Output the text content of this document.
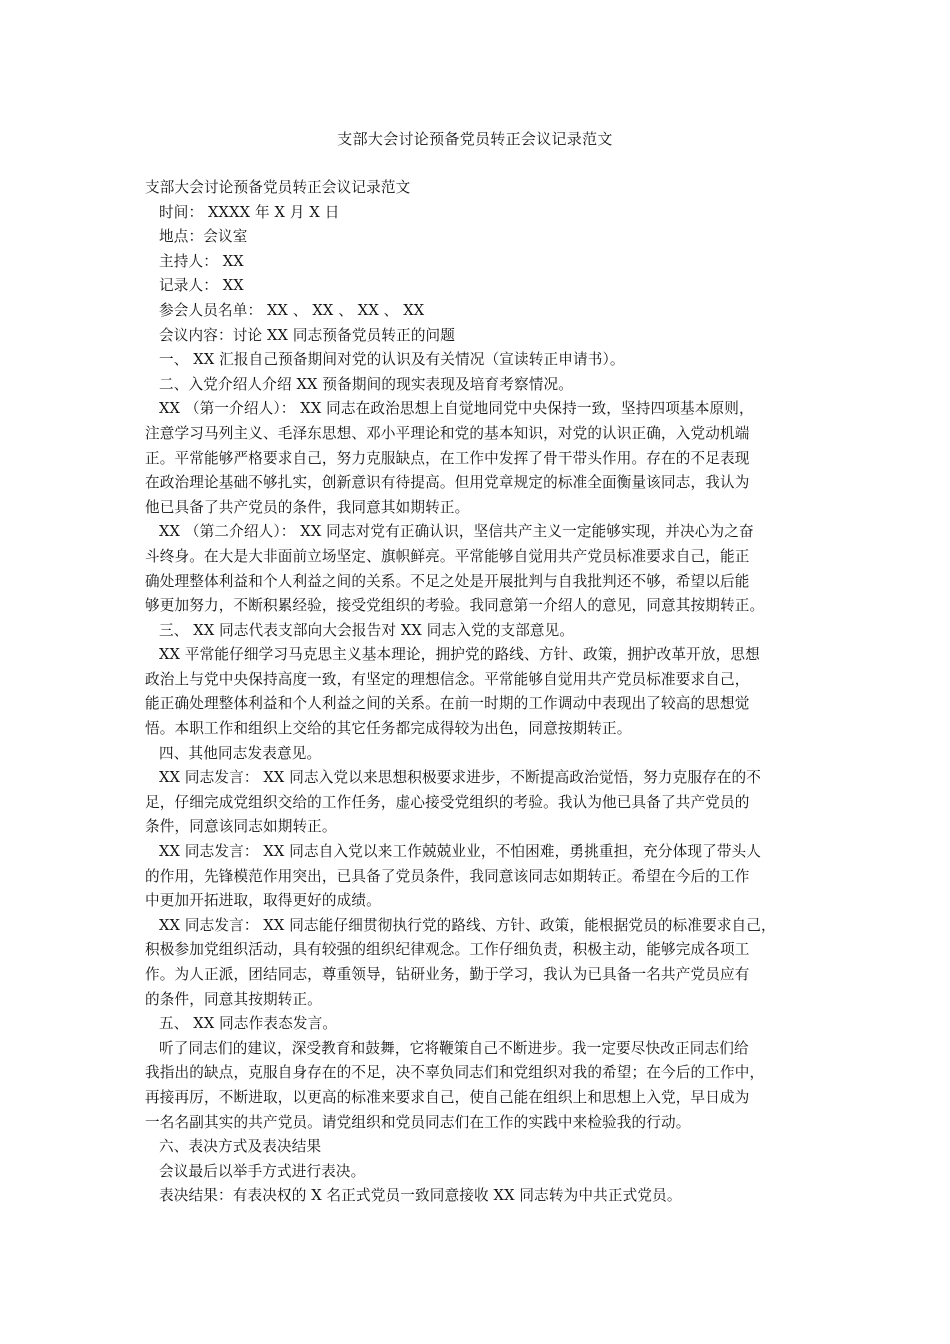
支部大会讨论预备党员转正会议记录范文

支部大会讨论预备党员转正会议记录范文

时间： XXXX 年 X 月 X 日

地点：会议室

主持人： XX

记录人： XX

参会人员名单： XX 、 XX 、 XX 、 XX

会议内容：讨论 XX 同志预备党员转正的问题

一、 XX 汇报自己预备期间对党的认识及有关情况（宣读转正申请书）。

二、入党介绍人介绍 XX 预备期间的现实表现及培育考察情况。

XX （第一介绍人）： XX 同志在政治思想上自觉地同党中央保持一致，坚持四项基本原则，

注意学习马列主义、毛泽东思想、邓小平理论和党的基本知识，对党的认识正确，入党动机端

正。平常能够严格要求自己，努力克服缺点，在工作中发挥了骨干带头作用。存在的不足表现

在政治理论基础不够扎实，创新意识有待提高。但用党章规定的标准全面衡量该同志，我认为

他已具备了共产党员的条件，我同意其如期转正。

XX （第二介绍人）： XX 同志对党有正确认识，坚信共产主义一定能够实现，并决心为之奋

斗终身。在大是大非面前立场坚定、旗帜鲜亮。平常能够自觉用共产党员标准要求自己，能正

确处理整体利益和个人利益之间的关系。不足之处是开展批判与自我批判还不够，希望以后能

够更加努力，不断积累经验，接受党组织的考验。我同意第一介绍人的意见，同意其按期转正。

三、 XX 同志代表支部向大会报告对 XX 同志入党的支部意见。

XX 平常能仔细学习马克思主义基本理论，拥护党的路线、方针、政策，拥护改革开放，思想

政治上与党中央保持高度一致，有坚定的理想信念。平常能够自觉用共产党员标准要求自己，

能正确处理整体利益和个人利益之间的关系。在前一时期的工作调动中表现出了较高的思想觉

悟。本职工作和组织上交给的其它任务都完成得较为出色，同意按期转正。

四、其他同志发表意见。

XX 同志发言： XX 同志入党以来思想积极要求进步，不断提高政治觉悟，努力克服存在的不

足，仔细完成党组织交给的工作任务，虚心接受党组织的考验。我认为他已具备了共产党员的

条件，同意该同志如期转正。

XX 同志发言： XX 同志自入党以来工作兢兢业业，不怕困难，勇挑重担，充分体现了带头人

的作用，先锋模范作用突出，已具备了党员条件，我同意该同志如期转正。希望在今后的工作

中更加开拓进取，取得更好的成绩。

XX 同志发言： XX 同志能仔细贯彻执行党的路线、方针、政策，能根据党员的标准要求自己，

积极参加党组织活动，具有较强的组织纪律观念。工作仔细负责，积极主动，能够完成各项工

作。为人正派，团结同志，尊重领导，钻研业务，勤于学习，我认为已具备一名共产党员应有

的条件，同意其按期转正。

五、 XX 同志作表态发言。

听了同志们的建议，深受教育和鼓舞，它将鞭策自己不断进步。我一定要尽快改正同志们给

我指出的缺点，克服自身存在的不足，决不辜负同志们和党组织对我的希望；在今后的工作中，

再接再厉，不断进取，以更高的标准来要求自己，使自己能在组织上和思想上入党，早日成为

一名名副其实的共产党员。请党组织和党员同志们在工作的实践中来检验我的行动。

六、表决方式及表决结果

会议最后以举手方式进行表决。

表决结果：有表决权的 X 名正式党员一致同意接收 XX 同志转为中共正式党员。
